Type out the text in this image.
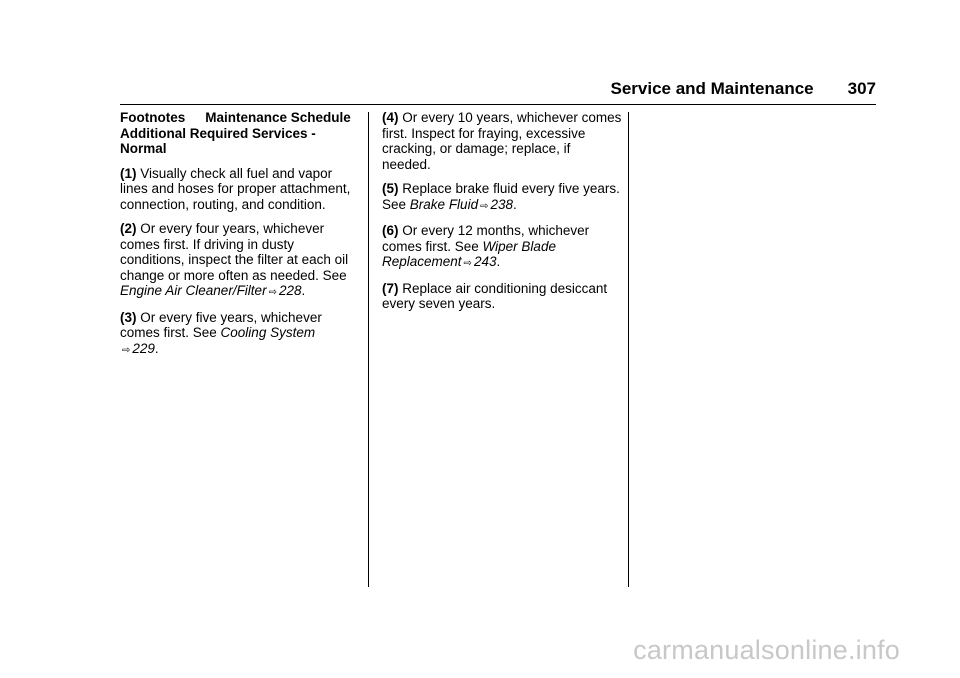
Service and Maintenance 307

Footnotes Maintenance Schedule Additional Required Services - Normal

(1) Visually check all fuel and vapor lines and hoses for proper attachment, connection, routing, and condition.

(2) Or every four years, whichever comes first. If driving in dusty conditions, inspect the filter at each oil change or more often as needed. See Engine Air Cleaner/Filter ⇨ 228.

(3) Or every five years, whichever comes first. See Cooling System
⇨ 229.

(4) Or every 10 years, whichever comes first. Inspect for fraying, excessive cracking, or damage; replace, if needed.

(5) Replace brake fluid every five years. See Brake Fluid ⇨ 238.

(6) Or every 12 months, whichever comes first. See Wiper Blade Replacement ⇨ 243.

(7) Replace air conditioning desiccant every seven years.

carmanualsonline.info
